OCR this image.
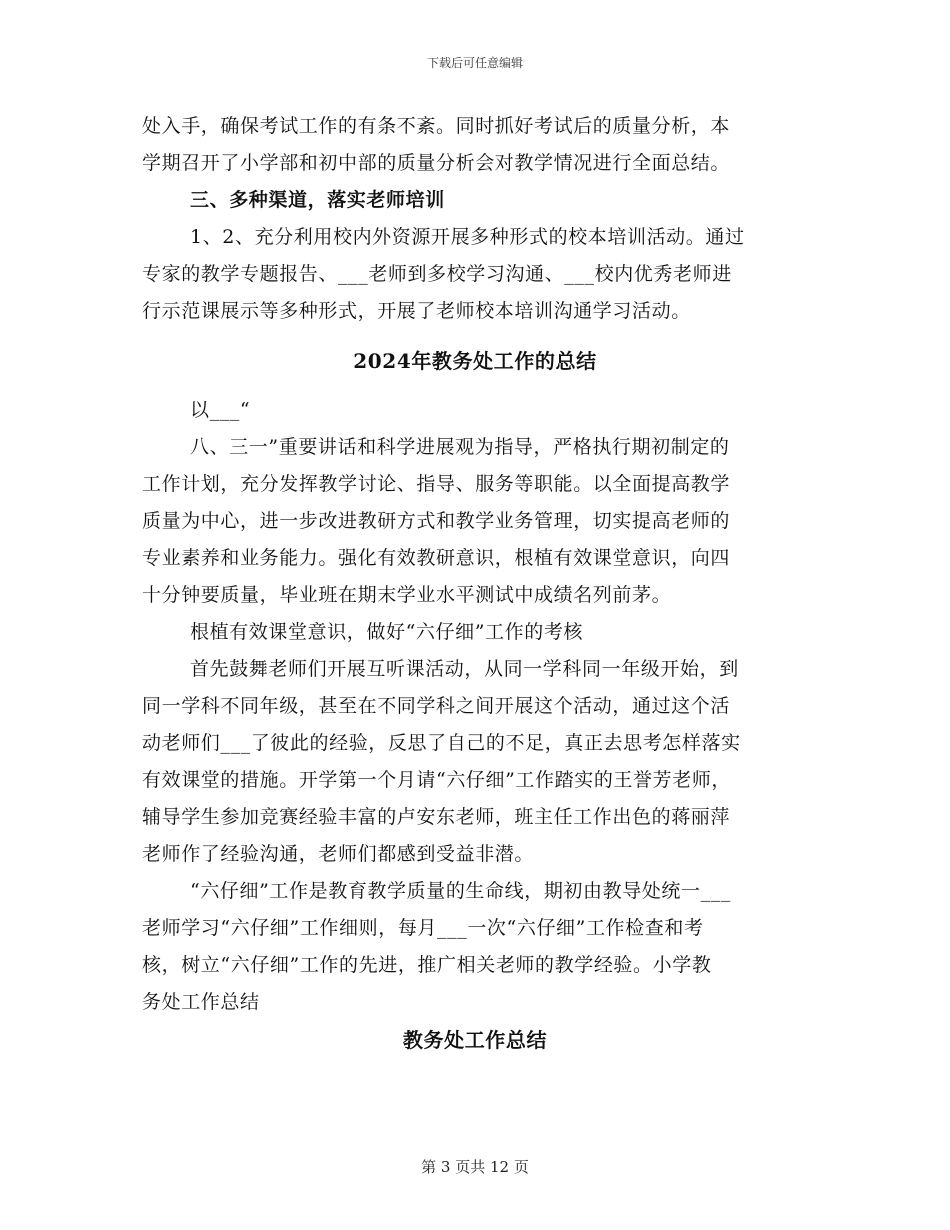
下载后可任意编辑
处入手，确保考试工作的有条不紊。同时抓好考试后的质量分析，本
学期召开了小学部和初中部的质量分析会对教学情况进行全面总结。
三、多种渠道，落实老师培训
1、2、充分利用校内外资源开展多种形式的校本培训活动。通过
专家的教学专题报告、___老师到多校学习沟通、___校内优秀老师进
行示范课展示等多种形式，开展了老师校本培训沟通学习活动。
2024年教务处工作的总结
以___“
八、三一”重要讲话和科学进展观为指导，严格执行期初制定的
工作计划，充分发挥教学讨论、指导、服务等职能。以全面提高教学
质量为中心，进一步改进教研方式和教学业务管理，切实提高老师的
专业素养和业务能力。强化有效教研意识，根植有效课堂意识，向四
十分钟要质量，毕业班在期末学业水平测试中成绩名列前茅。
根植有效课堂意识，做好“六仔细”工作的考核
首先鼓舞老师们开展互听课活动，从同一学科同一年级开始，到
同一学科不同年级，甚至在不同学科之间开展这个活动，通过这个活
动老师们___了彼此的经验，反思了自己的不足，真正去思考怎样落实
有效课堂的措施。开学第一个月请“六仔细”工作踏实的王誉芳老师，
辅导学生参加竞赛经验丰富的卢安东老师，班主任工作出色的蒋丽萍
老师作了经验沟通，老师们都感到受益非潜。
“六仔细”工作是教育教学质量的生命线，期初由教导处统一___
老师学习“六仔细”工作细则，每月___一次“六仔细”工作检查和考
核，树立“六仔细”工作的先进，推广相关老师的教学经验。小学教
务处工作总结
教务处工作总结
第 3 页共 12 页
